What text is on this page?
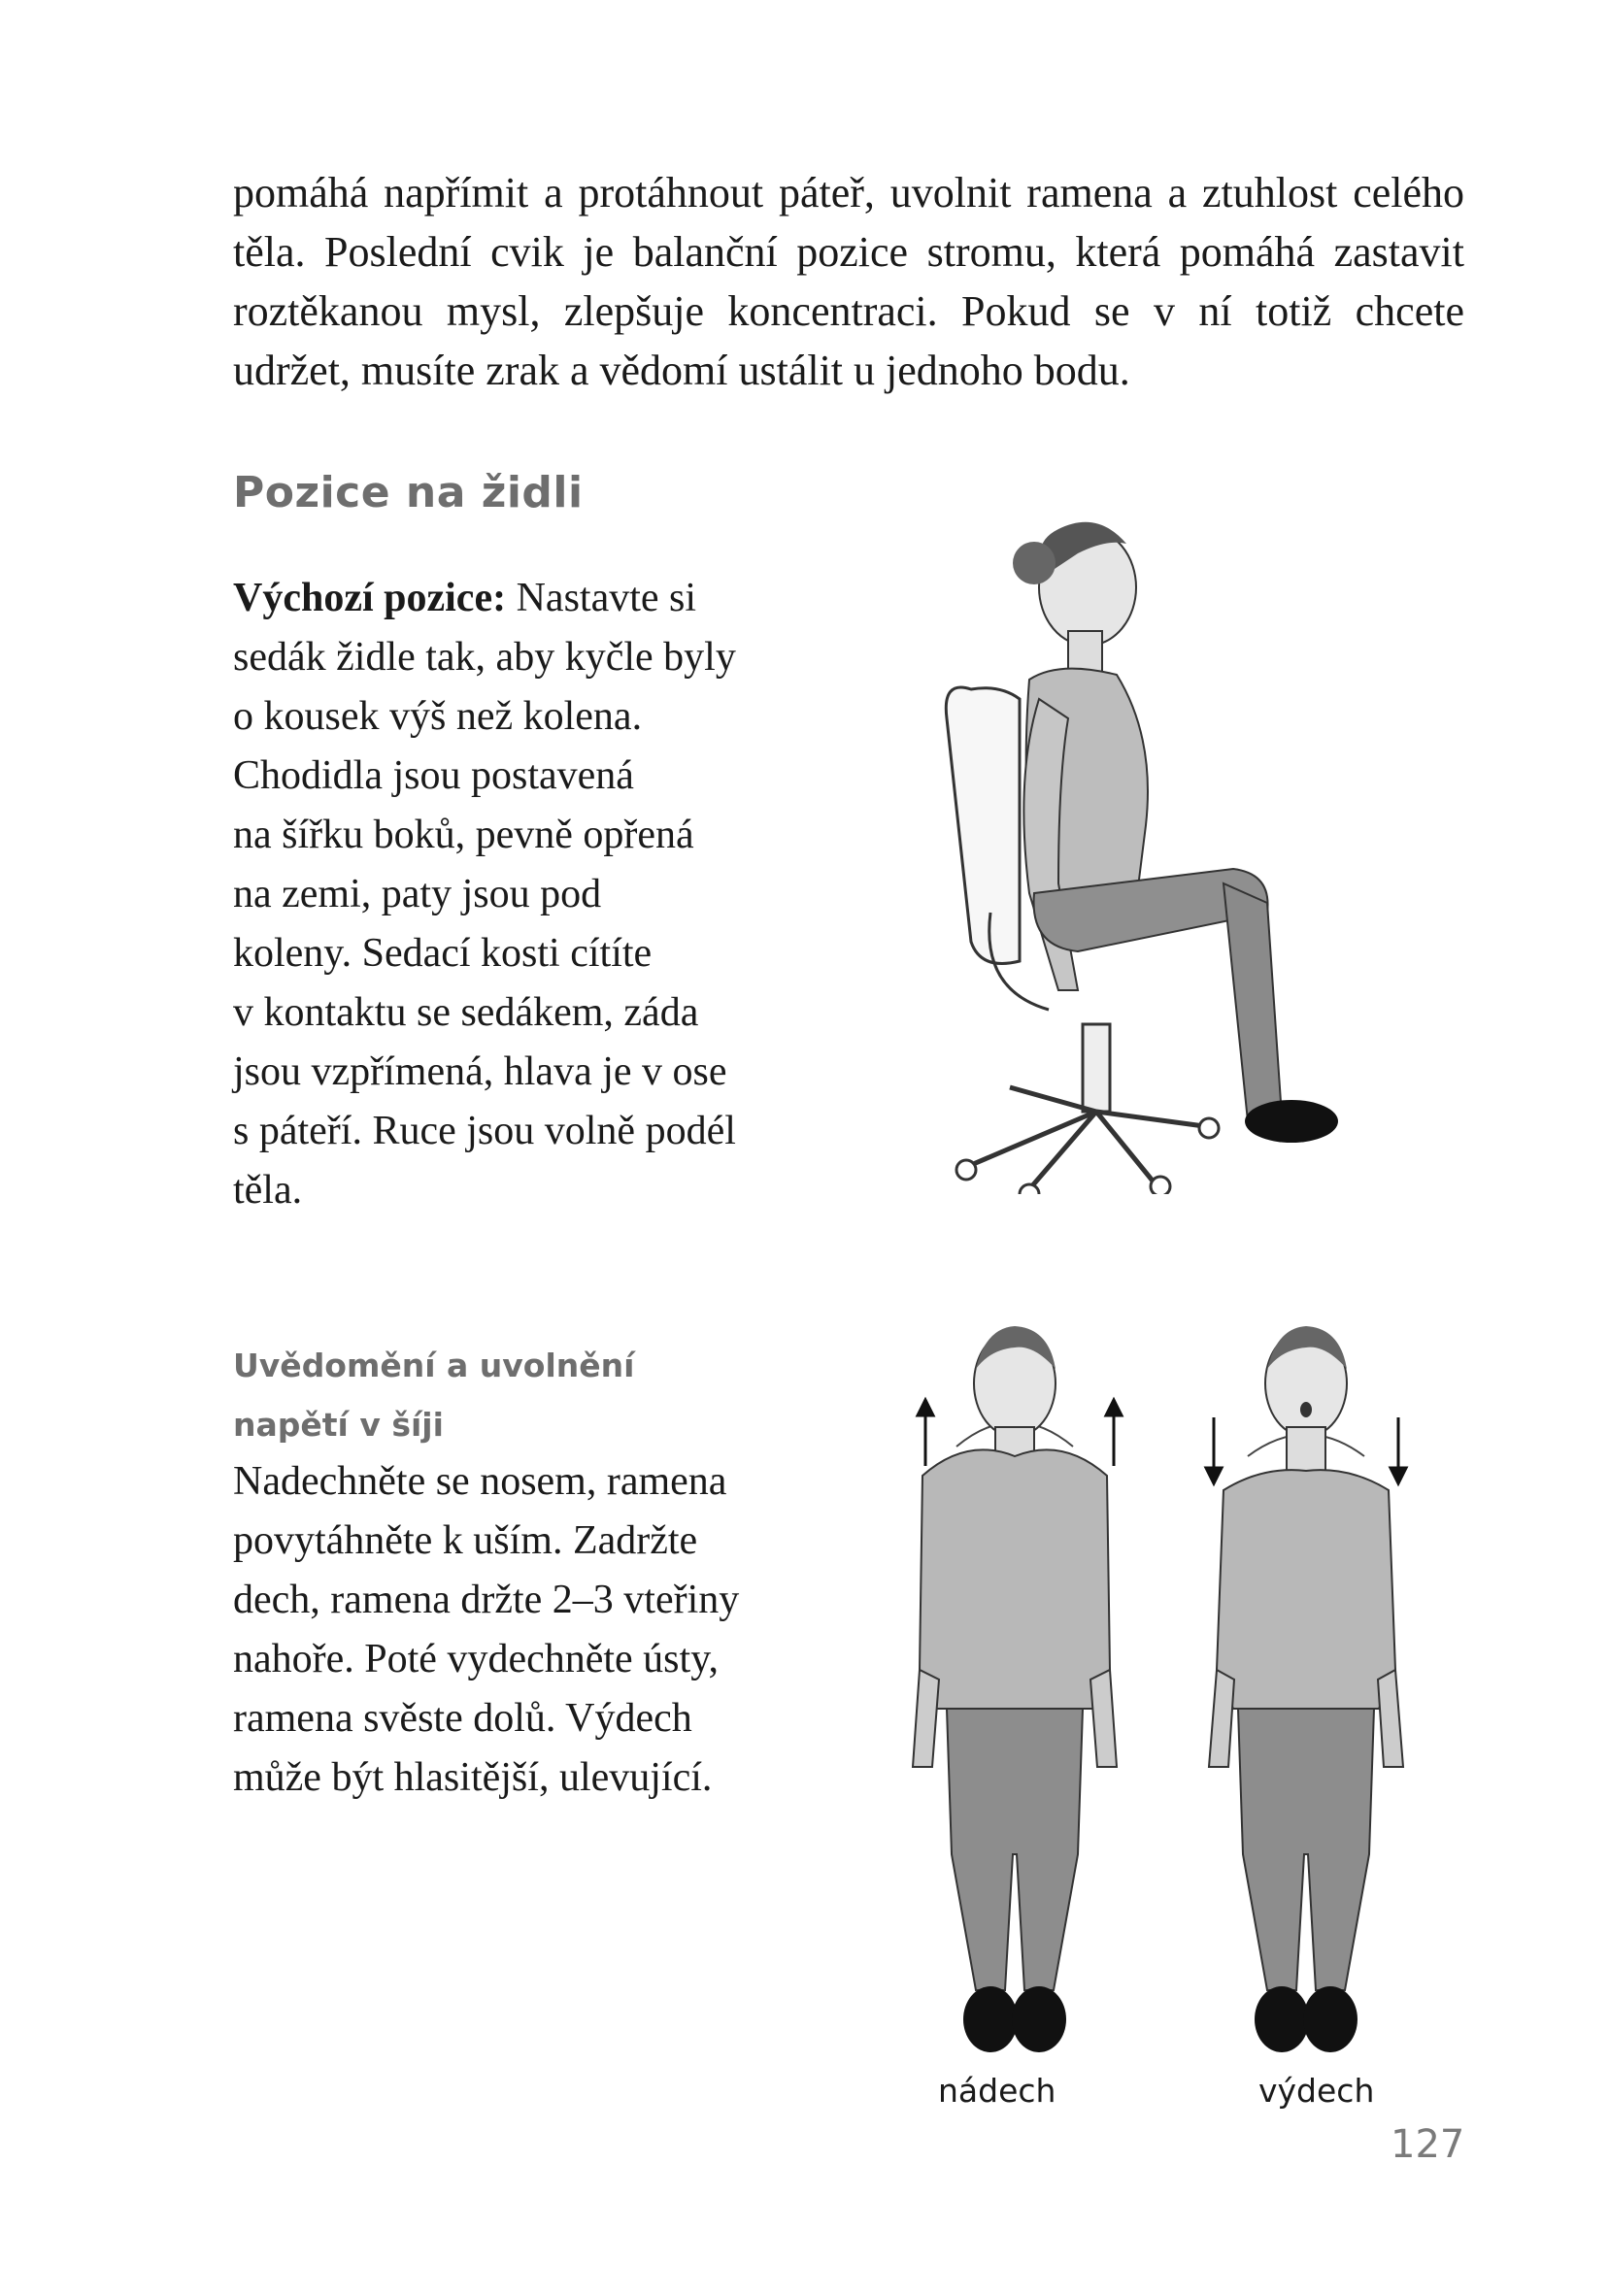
pomáhá napřímit a protáhnout páteř, uvolnit ramena a ztuhlost celého těla. Poslední cvik je balanční pozice stromu, která pomáhá zastavit roztěkanou mysl, zlepšuje koncentraci. Pokud se v ní totiž chcete udržet, musíte zrak a vědomí ustálit u jednoho bodu.

Pozice na židli

Výchozí pozice: Nastavte si
sedák židle tak, aby kyčle byly
o kousek výš než kolena.
Chodidla jsou postavená
na šířku boků, pevně opřená
na zemi, paty jsou pod
koleny. Sedací kosti cítíte
v kontaktu se sedákem, záda
jsou vzpřímená, hlava je v ose
s páteří. Ruce jsou volně podél
těla.

Uvědomění a uvolnění
napětí v šíji

Nadechněte se nosem, ramena
povytáhněte k uším. Zadržte
dech, ramena držte 2–3 vteřiny
nahoře. Poté vydechněte ústy,
ramena svěste dolů. Výdech
může být hlasitější, ulevující.

nádech	výdech
127
